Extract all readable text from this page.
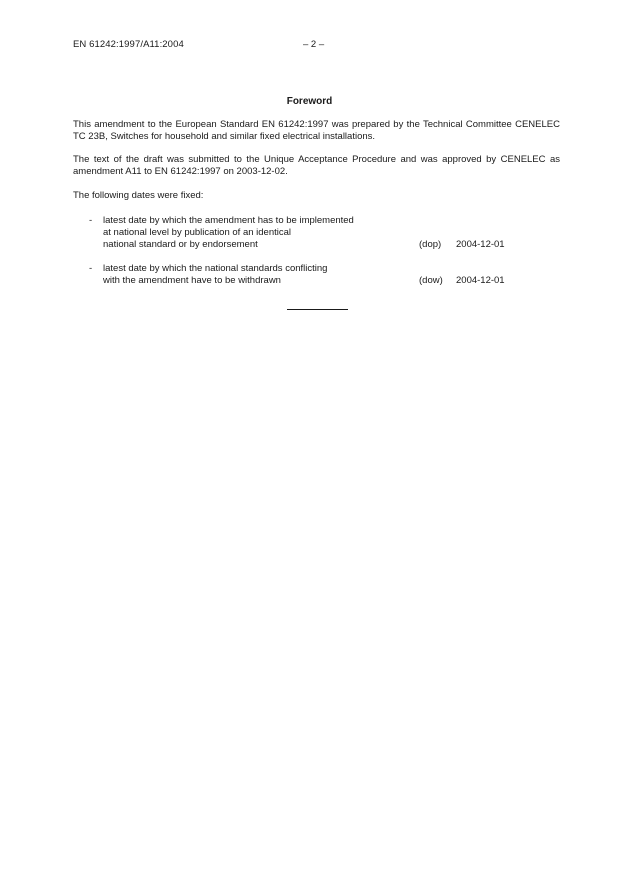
EN 61242:1997/A11:2004	– 2 –
Foreword
This amendment to the European Standard EN 61242:1997 was prepared by the Technical Committee CENELEC TC 23B, Switches for household and similar fixed electrical installations.
The text of the draft was submitted to the Unique Acceptance Procedure and was approved by CENELEC as amendment A11 to EN 61242:1997 on 2003-12-02.
The following dates were fixed:
- latest date by which the amendment has to be implemented
at national level by publication of an identical
national standard or by endorsement	(dop)	2004-12-01
- latest date by which the national standards conflicting
with the amendment have to be withdrawn	(dow)	2004-12-01
